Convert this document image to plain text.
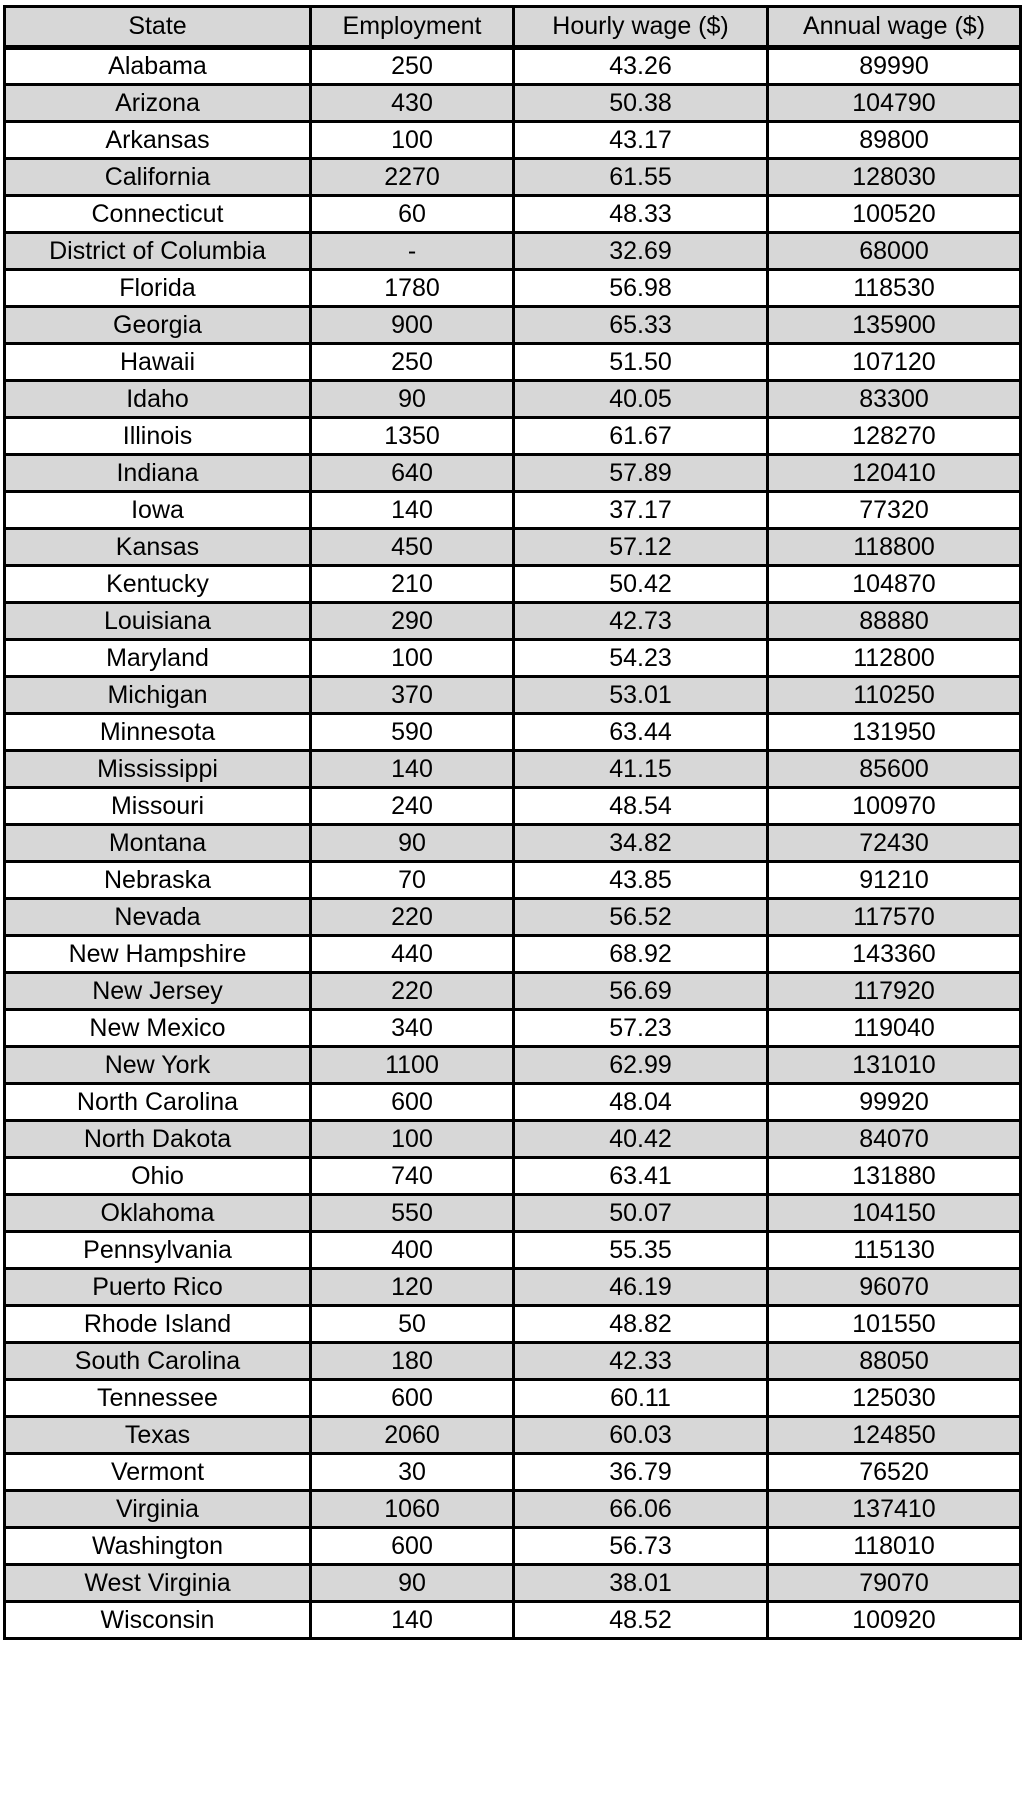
State	Employment	Hourly wage ($)	Annual wage ($)
Alabama	250	43.26	89990
Arizona	430	50.38	104790
Arkansas	100	43.17	89800
California	2270	61.55	128030
Connecticut	60	48.33	100520
District of Columbia	-	32.69	68000
Florida	1780	56.98	118530
Georgia	900	65.33	135900
Hawaii	250	51.50	107120
Idaho	90	40.05	83300
Illinois	1350	61.67	128270
Indiana	640	57.89	120410
Iowa	140	37.17	77320
Kansas	450	57.12	118800
Kentucky	210	50.42	104870
Louisiana	290	42.73	88880
Maryland	100	54.23	112800
Michigan	370	53.01	110250
Minnesota	590	63.44	131950
Mississippi	140	41.15	85600
Missouri	240	48.54	100970
Montana	90	34.82	72430
Nebraska	70	43.85	91210
Nevada	220	56.52	117570
New Hampshire	440	68.92	143360
New Jersey	220	56.69	117920
New Mexico	340	57.23	119040
New York	1100	62.99	131010
North Carolina	600	48.04	99920
North Dakota	100	40.42	84070
Ohio	740	63.41	131880
Oklahoma	550	50.07	104150
Pennsylvania	400	55.35	115130
Puerto Rico	120	46.19	96070
Rhode Island	50	48.82	101550
South Carolina	180	42.33	88050
Tennessee	600	60.11	125030
Texas	2060	60.03	124850
Vermont	30	36.79	76520
Virginia	1060	66.06	137410
Washington	600	56.73	118010
West Virginia	90	38.01	79070
Wisconsin	140	48.52	100920
